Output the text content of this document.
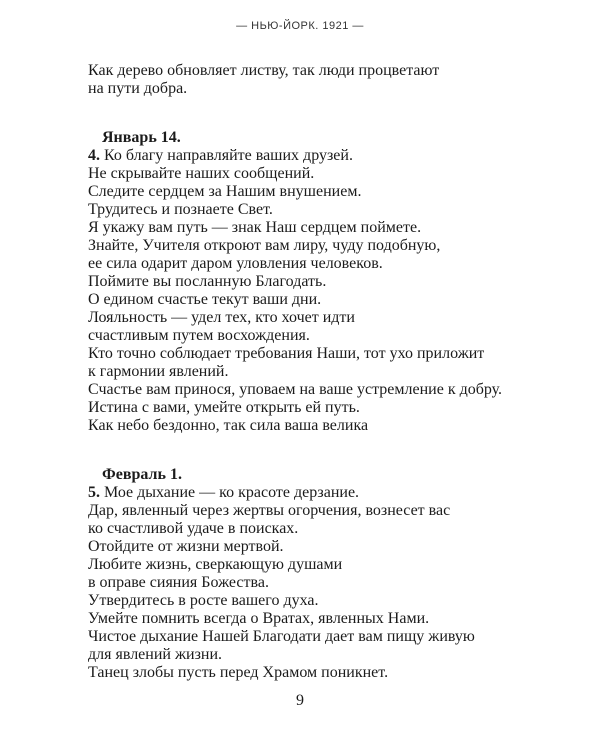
— НЬЮ-ЙОРК. 1921 —
Как дерево обновляет листву, так люди процветают
на пути добра.
Январь 14.
4. Ко благу направляйте ваших друзей.
Не скрывайте наших сообщений.
Следите сердцем за Нашим внушением.
Трудитесь и познаете Свет.
Я укажу вам путь — знак Наш сердцем поймете.
Знайте, Учителя откроют вам лиру, чуду подобную,
ее сила одарит даром уловления человеков.
Поймите вы посланную Благодать.
О едином счастье текут ваши дни.
Лояльность — удел тех, кто хочет идти
счастливым путем восхождения.
Кто точно соблюдает требования Наши, тот ухо приложит
к гармонии явлений.
Счастье вам принося, уповаем на ваше устремление к добру.
Истина с вами, умейте открыть ей путь.
Как небо бездонно, так сила ваша велика
Февраль 1.
5. Мое дыхание — ко красоте дерзание.
Дар, явленный через жертвы огорчения, вознесет вас
ко счастливой удаче в поисках.
Отойдите от жизни мертвой.
Любите жизнь, сверкающую душами
в оправе сияния Божества.
Утвердитесь в росте вашего духа.
Умейте помнить всегда о Вратах, явленных Нами.
Чистое дыхание Нашей Благодати дает вам пищу живую
для явлений жизни.
Танец злобы пусть перед Храмом поникнет.
9
